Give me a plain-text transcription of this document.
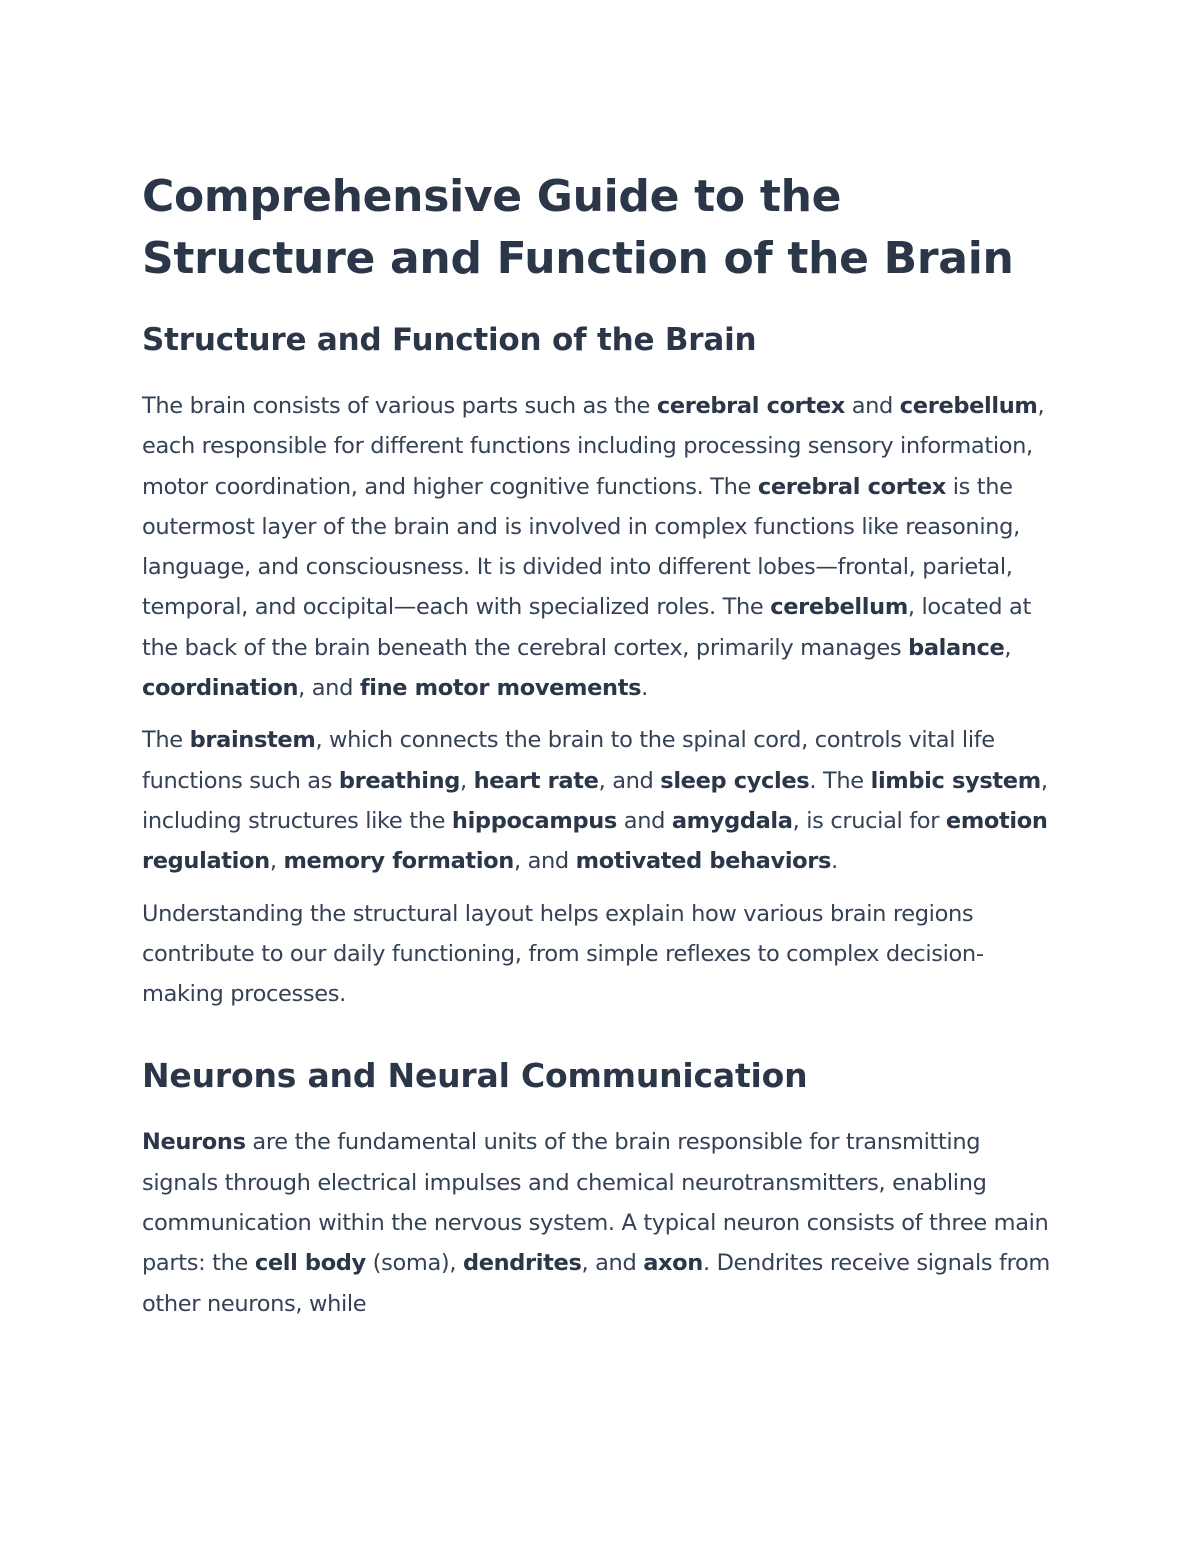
Comprehensive Guide to the Structure and Function of the Brain
Structure and Function of the Brain

The brain consists of various parts such as the cerebral cortex and cerebellum, each responsible for different functions including processing sensory information, motor coordination, and higher cognitive functions. The cerebral cortex is the outermost layer of the brain and is involved in complex functions like reasoning, language, and consciousness. It is divided into different lobes—frontal, parietal, temporal, and occipital—each with specialized roles. The cerebellum, located at the back of the brain beneath the cerebral cortex, primarily manages balance, coordination, and fine motor movements.

The brainstem, which connects the brain to the spinal cord, controls vital life functions such as breathing, heart rate, and sleep cycles. The limbic system, including structures like the hippocampus and amygdala, is crucial for emotion regulation, memory formation, and motivated behaviors.

Understanding the structural layout helps explain how various brain regions contribute to our daily functioning, from simple reflexes to complex decision-making processes.

Neurons and Neural Communication

Neurons are the fundamental units of the brain responsible for transmitting signals through electrical impulses and chemical neurotransmitters, enabling communication within the nervous system. A typical neuron consists of three main parts: the cell body (soma), dendrites, and axon. Dendrites receive signals from other neurons, while
